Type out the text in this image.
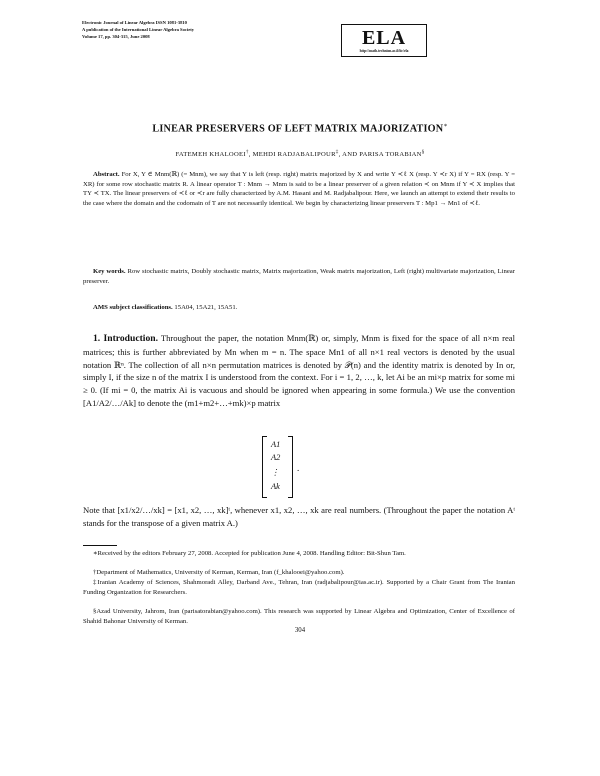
Electronic Journal of Linear Algebra ISSN 1081-3810
A publication of the International Linear Algebra Society
Volume 17, pp. 304-315, June 2008	ELA
http://math.technion.ac.il/iic/ela
LINEAR PRESERVERS OF LEFT MATRIX MAJORIZATION∗
FATEMEH KHALOOEI†, MEHDI RADJABALIPOUR‡, AND PARISA TORABIAN§
Abstract. For X, Y ∈ Mnm(ℝ) (= Mnm), we say that Y is left (resp. right) matrix majorized by X and write Y ≺ℓ X (resp. Y ≺r X) if Y = RX (resp. Y = XR) for some row stochastic matrix R. A linear operator T : Mnm → Mnm is said to be a linear preserver of a given relation ≺ on Mnm if Y ≺ X implies that TY ≺ TX. The linear preservers of ≺ℓ or ≺r are fully characterized by A.M. Hasani and M. Radjabalipour. Here, we launch an attempt to extend their results to the case where the domain and the codomain of T are not necessarily identical. We begin by characterizing linear preservers T : Mp1 → Mn1 of ≺ℓ.
Key words. Row stochastic matrix, Doubly stochastic matrix, Matrix majorization, Weak matrix majorization, Left (right) multivariate majorization, Linear preserver.
AMS subject classifications. 15A04, 15A21, 15A51.
1. Introduction. Throughout the paper, the notation Mnm(ℝ) or, simply, Mnm is fixed for the space of all n×m real matrices; this is further abbreviated by Mn when m = n. The space Mn1 of all n×1 real vectors is denoted by the usual notation ℝⁿ. The collection of all n×n permutation matrices is denoted by 𝒫(n) and the identity matrix is denoted by In or, simply I, if the size n of the matrix I is understood from the context. For i = 1, 2, …, k, let Ai be an mi×p matrix for some mi ≥ 0. (If mi = 0, the matrix Ai is vacuous and should be ignored when appearing in some formula.) We use the convention [A1/A2/…/Ak] to denote the (m1+m2+…+mk)×p matrix
A1
A2
⋮
Ak
.
Note that [x1/x2/…/xk] = [x1, x2, …, xk]ᵗ, whenever x1, x2, …, xk are real numbers. (Throughout the paper the notation Aᵗ stands for the transpose of a given matrix A.)
∗Received by the editors February 27, 2008. Accepted for publication June 4, 2008. Handling Editor: Bit-Shun Tam.
†Department of Mathematics, University of Kerman, Kerman, Iran (f_khalooei@yahoo.com).
‡Iranian Academy of Sciences, Shahmoradi Alley, Darband Ave., Tehran, Iran (radjabalipour@ias.ac.ir). Supported by a Chair Grant from The Iranian Funding Organization for Researchers.
§Azad University, Jahrom, Iran (parisatorabian@yahoo.com). This research was supported by Linear Algebra and Optimization, Center of Excellence of Shahid Bahonar University of Kerman.
304
